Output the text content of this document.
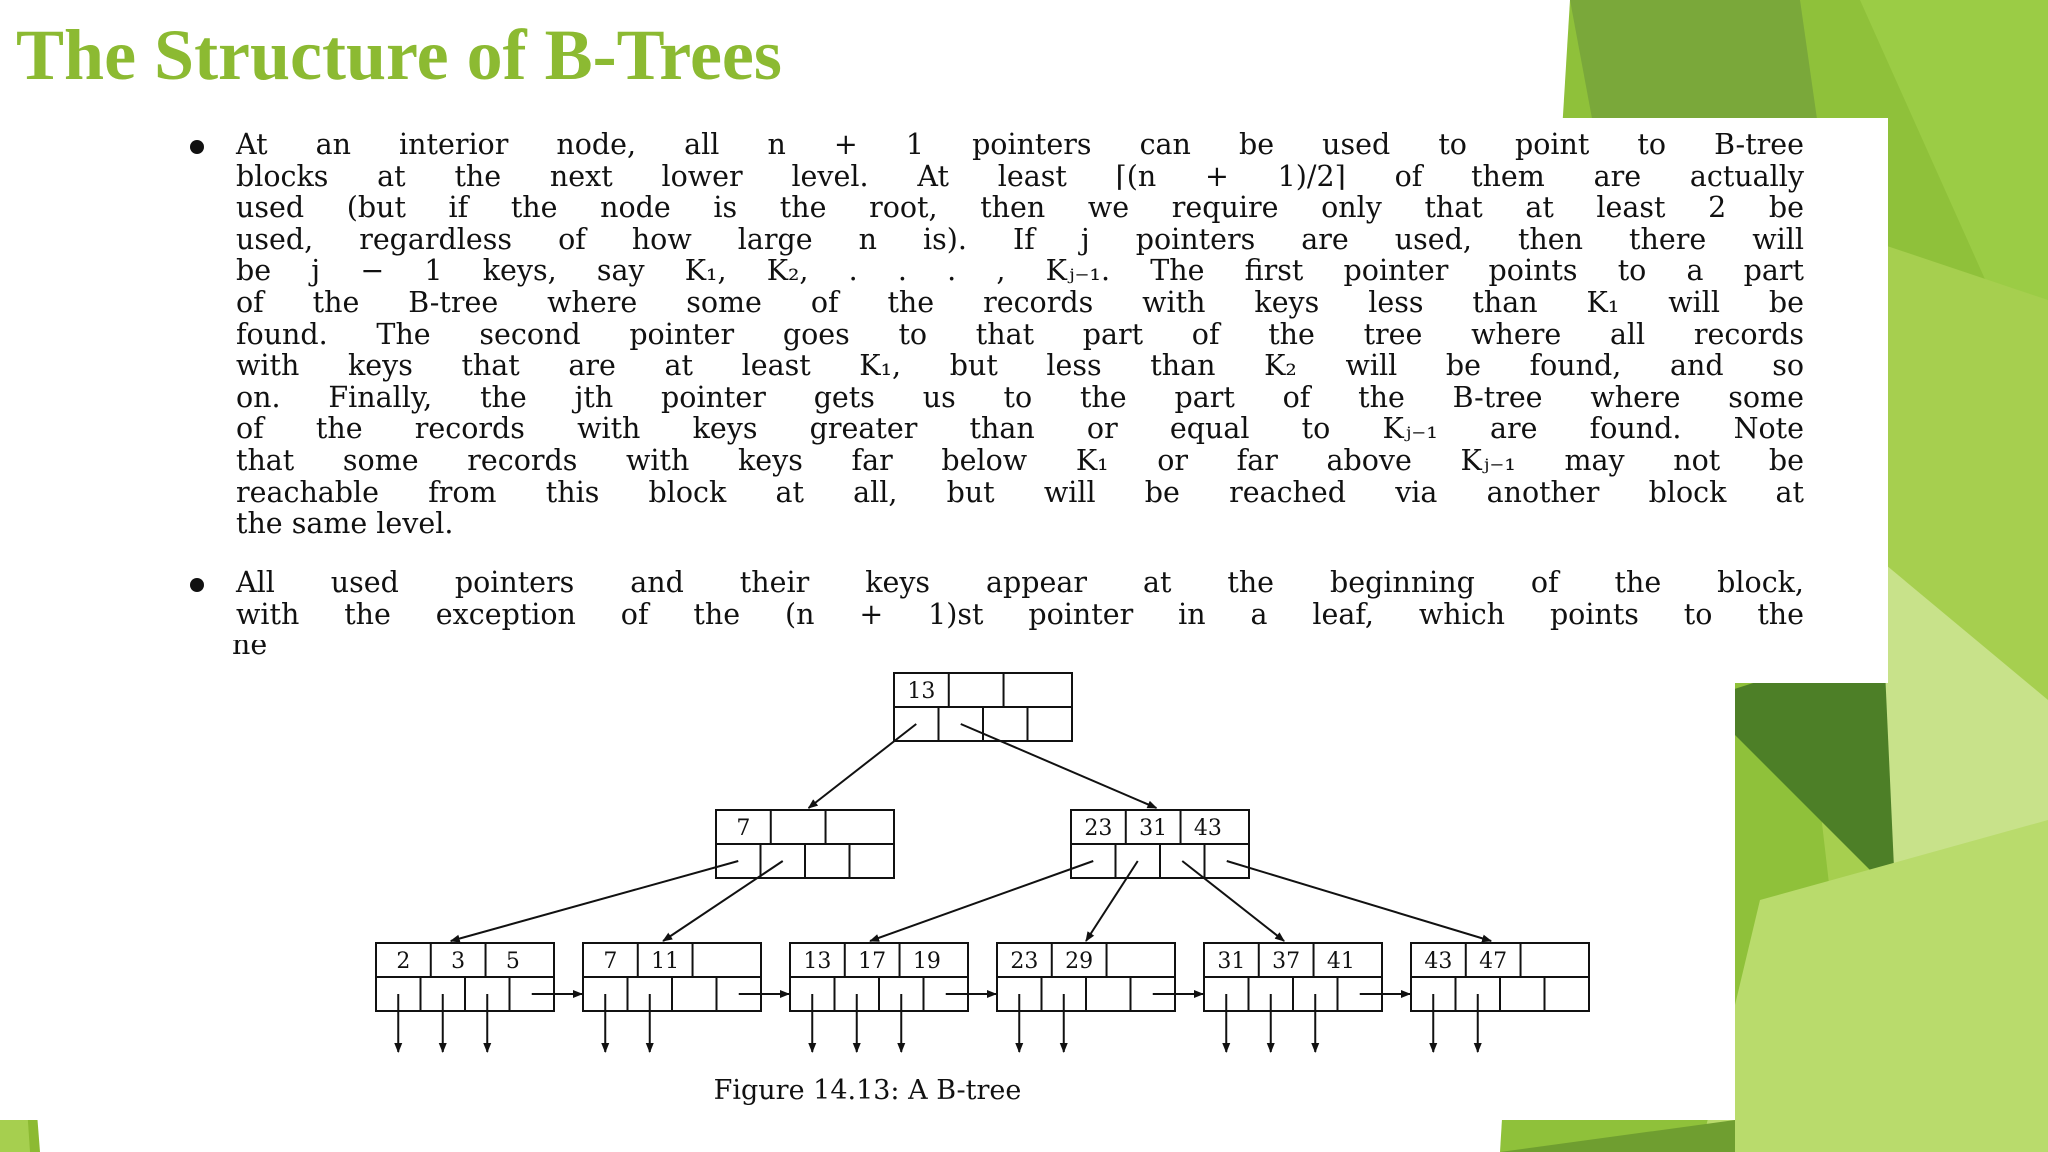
The Structure of B-Trees
At an interior node, all n + 1 pointers can be used to point to B-tree
blocks at the next lower level. At least ⌈(n + 1)/2⌉ of them are actually
used (but if the node is the root, then we require only that at least 2 be
used, regardless of how large n is). If j pointers are used, then there will
be j − 1 keys, say K₁, K₂, . . . , Kⱼ₋₁. The first pointer points to a part
of the B-tree where some of the records with keys less than K₁ will be
found. The second pointer goes to that part of the tree where all records
with keys that are at least K₁, but less than K₂ will be found, and so
on. Finally, the jth pointer gets us to the part of the B-tree where some
of the records with keys greater than or equal to Kⱼ₋₁ are found. Note
that some records with keys far below K₁ or far above Kⱼ₋₁ may not be
reachable from this block at all, but will be reached via another block at
the same level.
All used pointers and their keys appear at the beginning of the block,
with the exception of the (n + 1)st pointer in a leaf, which points to the
ne
13
7	23 31 43
2 3 5	7 11	13 17 19	23 29	31 37 41	43 47
Figure 14.13: A B-tree
